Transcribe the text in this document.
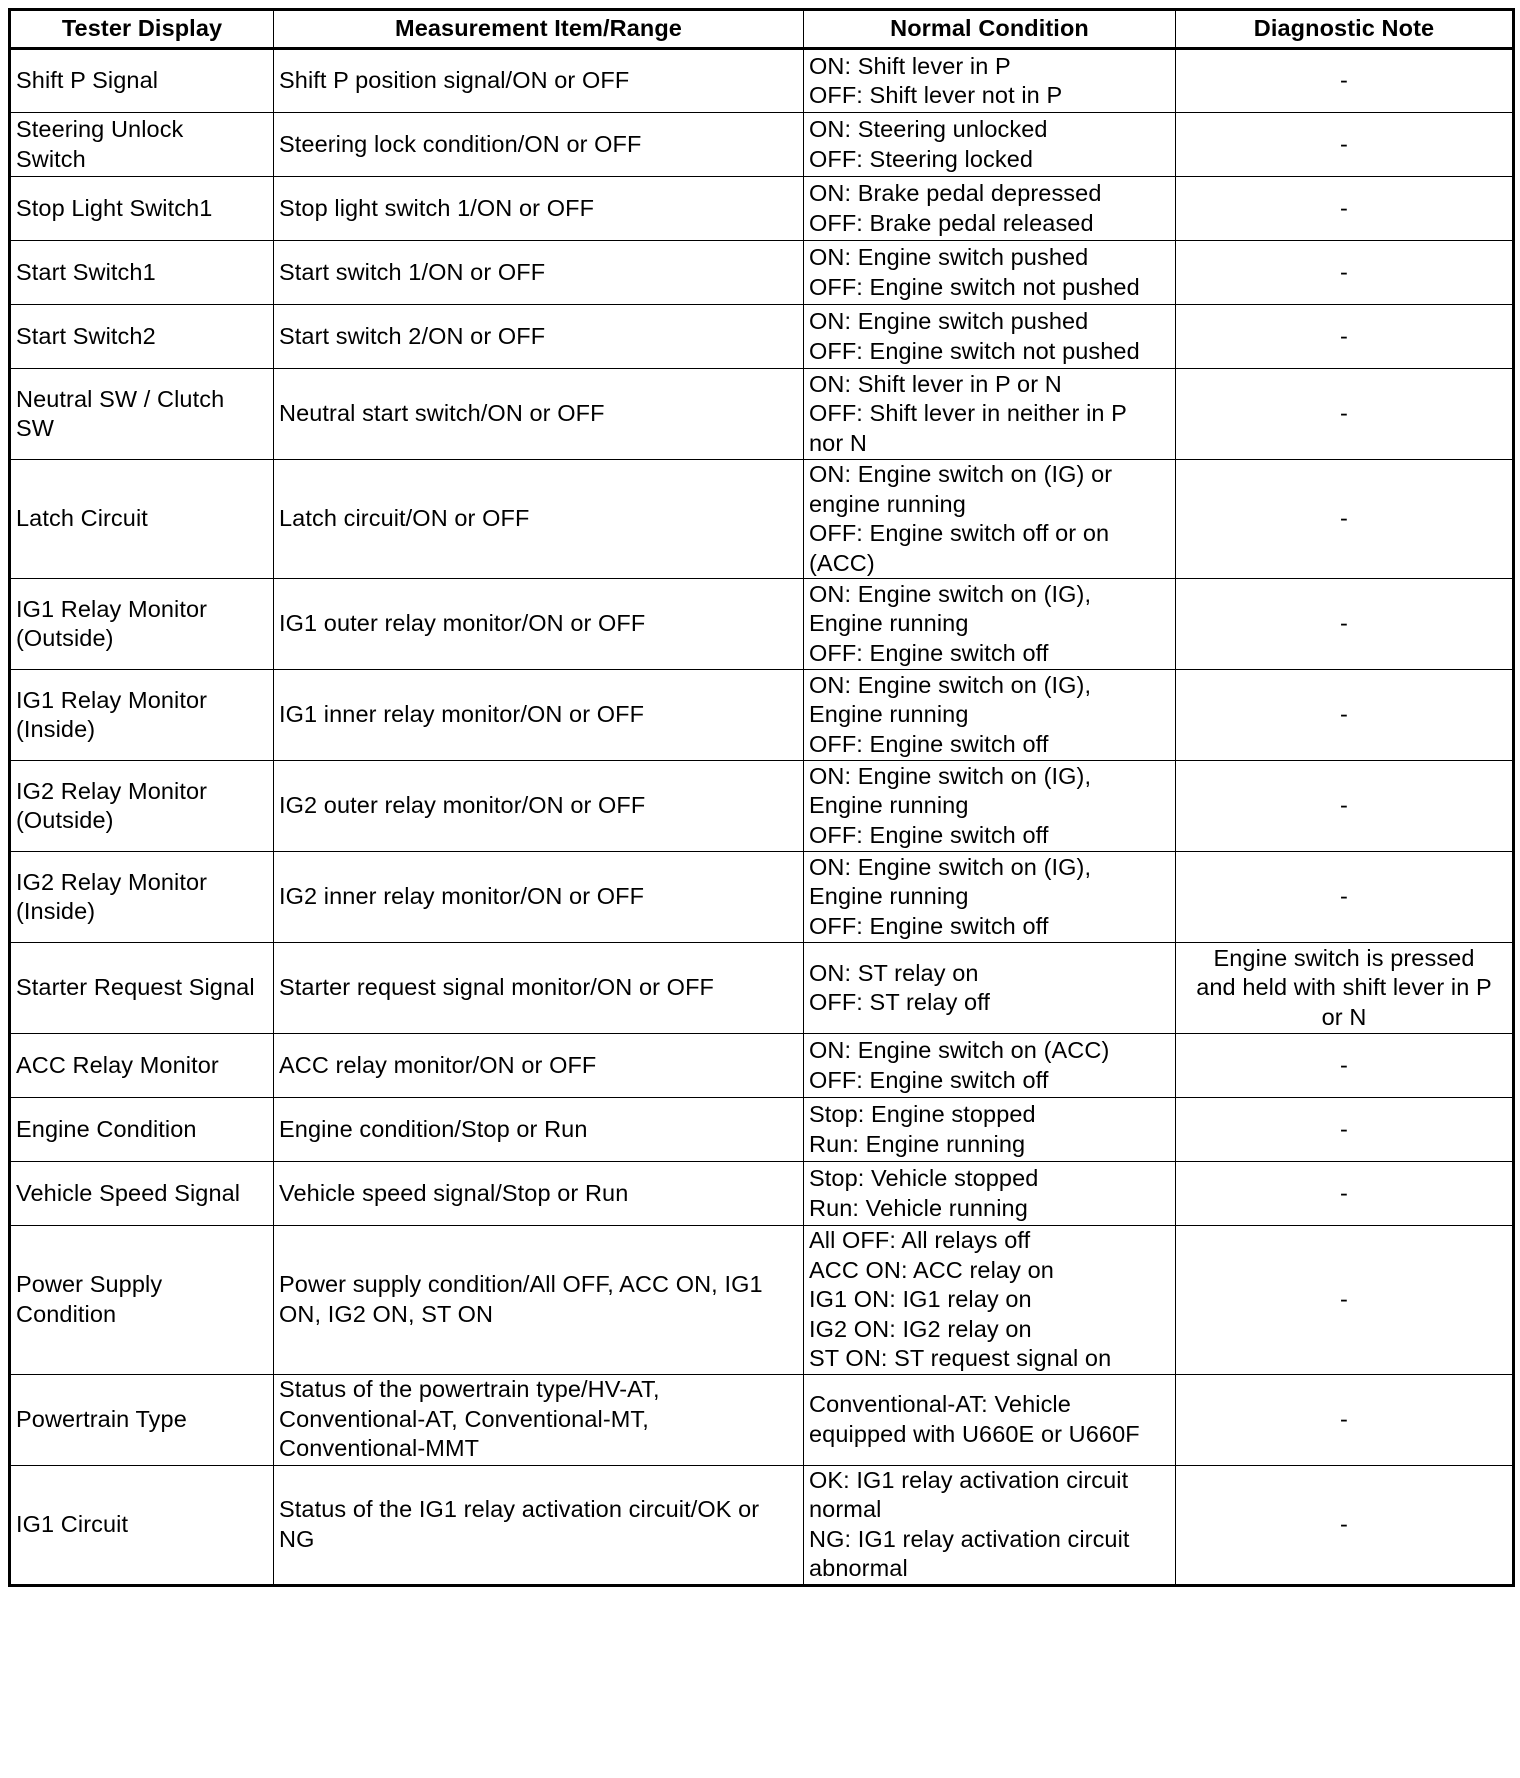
Tester Display	Measurement Item/Range	Normal Condition	Diagnostic Note

Shift P Signal	Shift P position signal/ON or OFF	ON: Shift lever in P
OFF: Shift lever not in P	-

Steering Unlock
Switch	Steering lock condition/ON or OFF	ON: Steering unlocked
OFF: Steering locked	-

Stop Light Switch1	Stop light switch 1/ON or OFF	ON: Brake pedal depressed
OFF: Brake pedal released	-

Start Switch1	Start switch 1/ON or OFF	ON: Engine switch pushed
OFF: Engine switch not pushed	-

Start Switch2	Start switch 2/ON or OFF	ON: Engine switch pushed
OFF: Engine switch not pushed	-

Neutral SW / Clutch
SW	Neutral start switch/ON or OFF	ON: Shift lever in P or N
OFF: Shift lever in neither in P
nor N	-

Latch Circuit	Latch circuit/ON or OFF	ON: Engine switch on (IG) or
engine running
OFF: Engine switch off or on
(ACC)	-

IG1 Relay Monitor
(Outside)	IG1 outer relay monitor/ON or OFF	ON: Engine switch on (IG),
Engine running
OFF: Engine switch off	-

IG1 Relay Monitor
(Inside)	IG1 inner relay monitor/ON or OFF	ON: Engine switch on (IG),
Engine running
OFF: Engine switch off	-

IG2 Relay Monitor
(Outside)	IG2 outer relay monitor/ON or OFF	ON: Engine switch on (IG),
Engine running
OFF: Engine switch off	-

IG2 Relay Monitor
(Inside)	IG2 inner relay monitor/ON or OFF	ON: Engine switch on (IG),
Engine running
OFF: Engine switch off	-

Starter Request Signal	Starter request signal monitor/ON or OFF	ON: ST relay on
OFF: ST relay off	Engine switch is pressed
and held with shift lever in P
or N

ACC Relay Monitor	ACC relay monitor/ON or OFF	ON: Engine switch on (ACC)
OFF: Engine switch off	-

Engine Condition	Engine condition/Stop or Run	Stop: Engine stopped
Run: Engine running	-

Vehicle Speed Signal	Vehicle speed signal/Stop or Run	Stop: Vehicle stopped
Run: Vehicle running	-

Power Supply
Condition	Power supply condition/All OFF, ACC ON, IG1
ON, IG2 ON, ST ON	All OFF: All relays off
ACC ON: ACC relay on
IG1 ON: IG1 relay on
IG2 ON: IG2 relay on
ST ON: ST request signal on	-

Powertrain Type	Status of the powertrain type/HV-AT,
Conventional-AT, Conventional-MT,
Conventional-MMT	Conventional-AT: Vehicle
equipped with U660E or U660F	-

IG1 Circuit	Status of the IG1 relay activation circuit/OK or
NG	OK: IG1 relay activation circuit
normal
NG: IG1 relay activation circuit
abnormal	-
